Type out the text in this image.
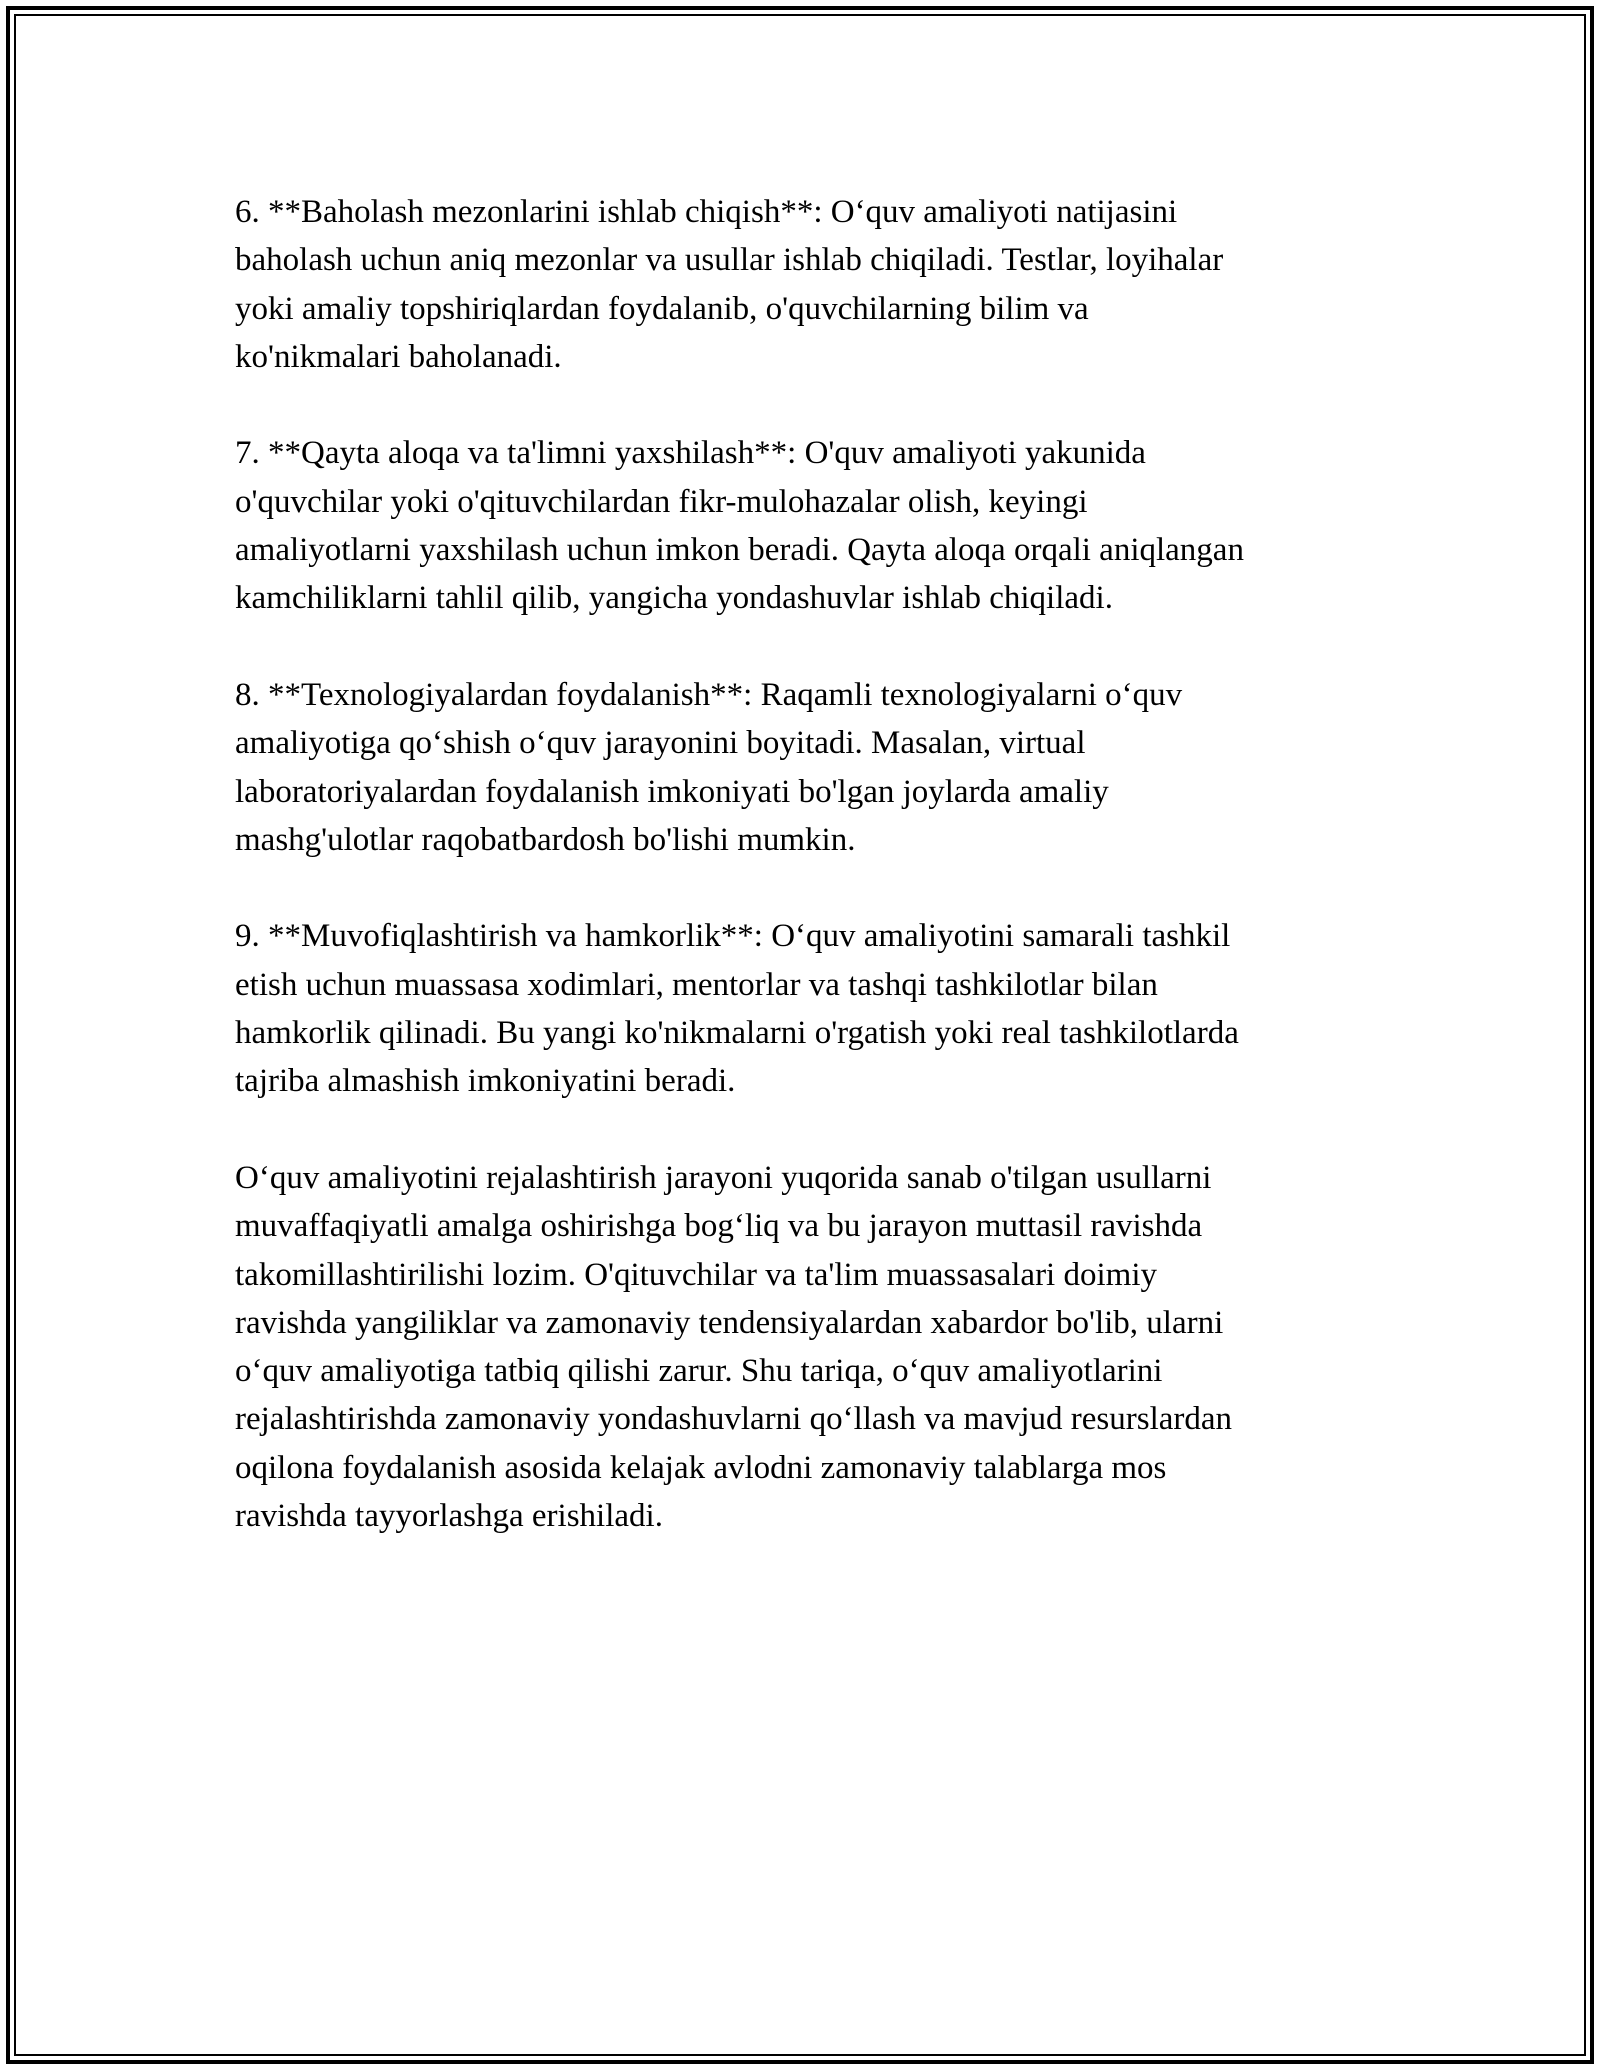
6. **Baholash mezonlarini ishlab chiqish**: O‘quv amaliyoti natijasini
baholash uchun aniq mezonlar va usullar ishlab chiqiladi. Testlar, loyihalar
yoki amaliy topshiriqlardan foydalanib, o'quvchilarning bilim va
ko'nikmalari baholanadi.

7. **Qayta aloqa va ta'limni yaxshilash**: O'quv amaliyoti yakunida
o'quvchilar yoki o'qituvchilardan fikr-mulohazalar olish, keyingi
amaliyotlarni yaxshilash uchun imkon beradi. Qayta aloqa orqali aniqlangan
kamchiliklarni tahlil qilib, yangicha yondashuvlar ishlab chiqiladi.

8. **Texnologiyalardan foydalanish**: Raqamli texnologiyalarni o‘quv
amaliyotiga qo‘shish o‘quv jarayonini boyitadi. Masalan, virtual
laboratoriyalardan foydalanish imkoniyati bo'lgan joylarda amaliy
mashg'ulotlar raqobatbardosh bo'lishi mumkin.

9. **Muvofiqlashtirish va hamkorlik**: O‘quv amaliyotini samarali tashkil
etish uchun muassasa xodimlari, mentorlar va tashqi tashkilotlar bilan
hamkorlik qilinadi. Bu yangi ko'nikmalarni o'rgatish yoki real tashkilotlarda
tajriba almashish imkoniyatini beradi.

O‘quv amaliyotini rejalashtirish jarayoni yuqorida sanab o'tilgan usullarni
muvaffaqiyatli amalga oshirishga bog‘liq va bu jarayon muttasil ravishda
takomillashtirilishi lozim. O'qituvchilar va ta'lim muassasalari doimiy
ravishda yangiliklar va zamonaviy tendensiyalardan xabardor bo'lib, ularni
o‘quv amaliyotiga tatbiq qilishi zarur. Shu tariqa, o‘quv amaliyotlarini
rejalashtirishda zamonaviy yondashuvlarni qo‘llash va mavjud resurslardan
oqilona foydalanish asosida kelajak avlodni zamonaviy talablarga mos
ravishda tayyorlashga erishiladi.
